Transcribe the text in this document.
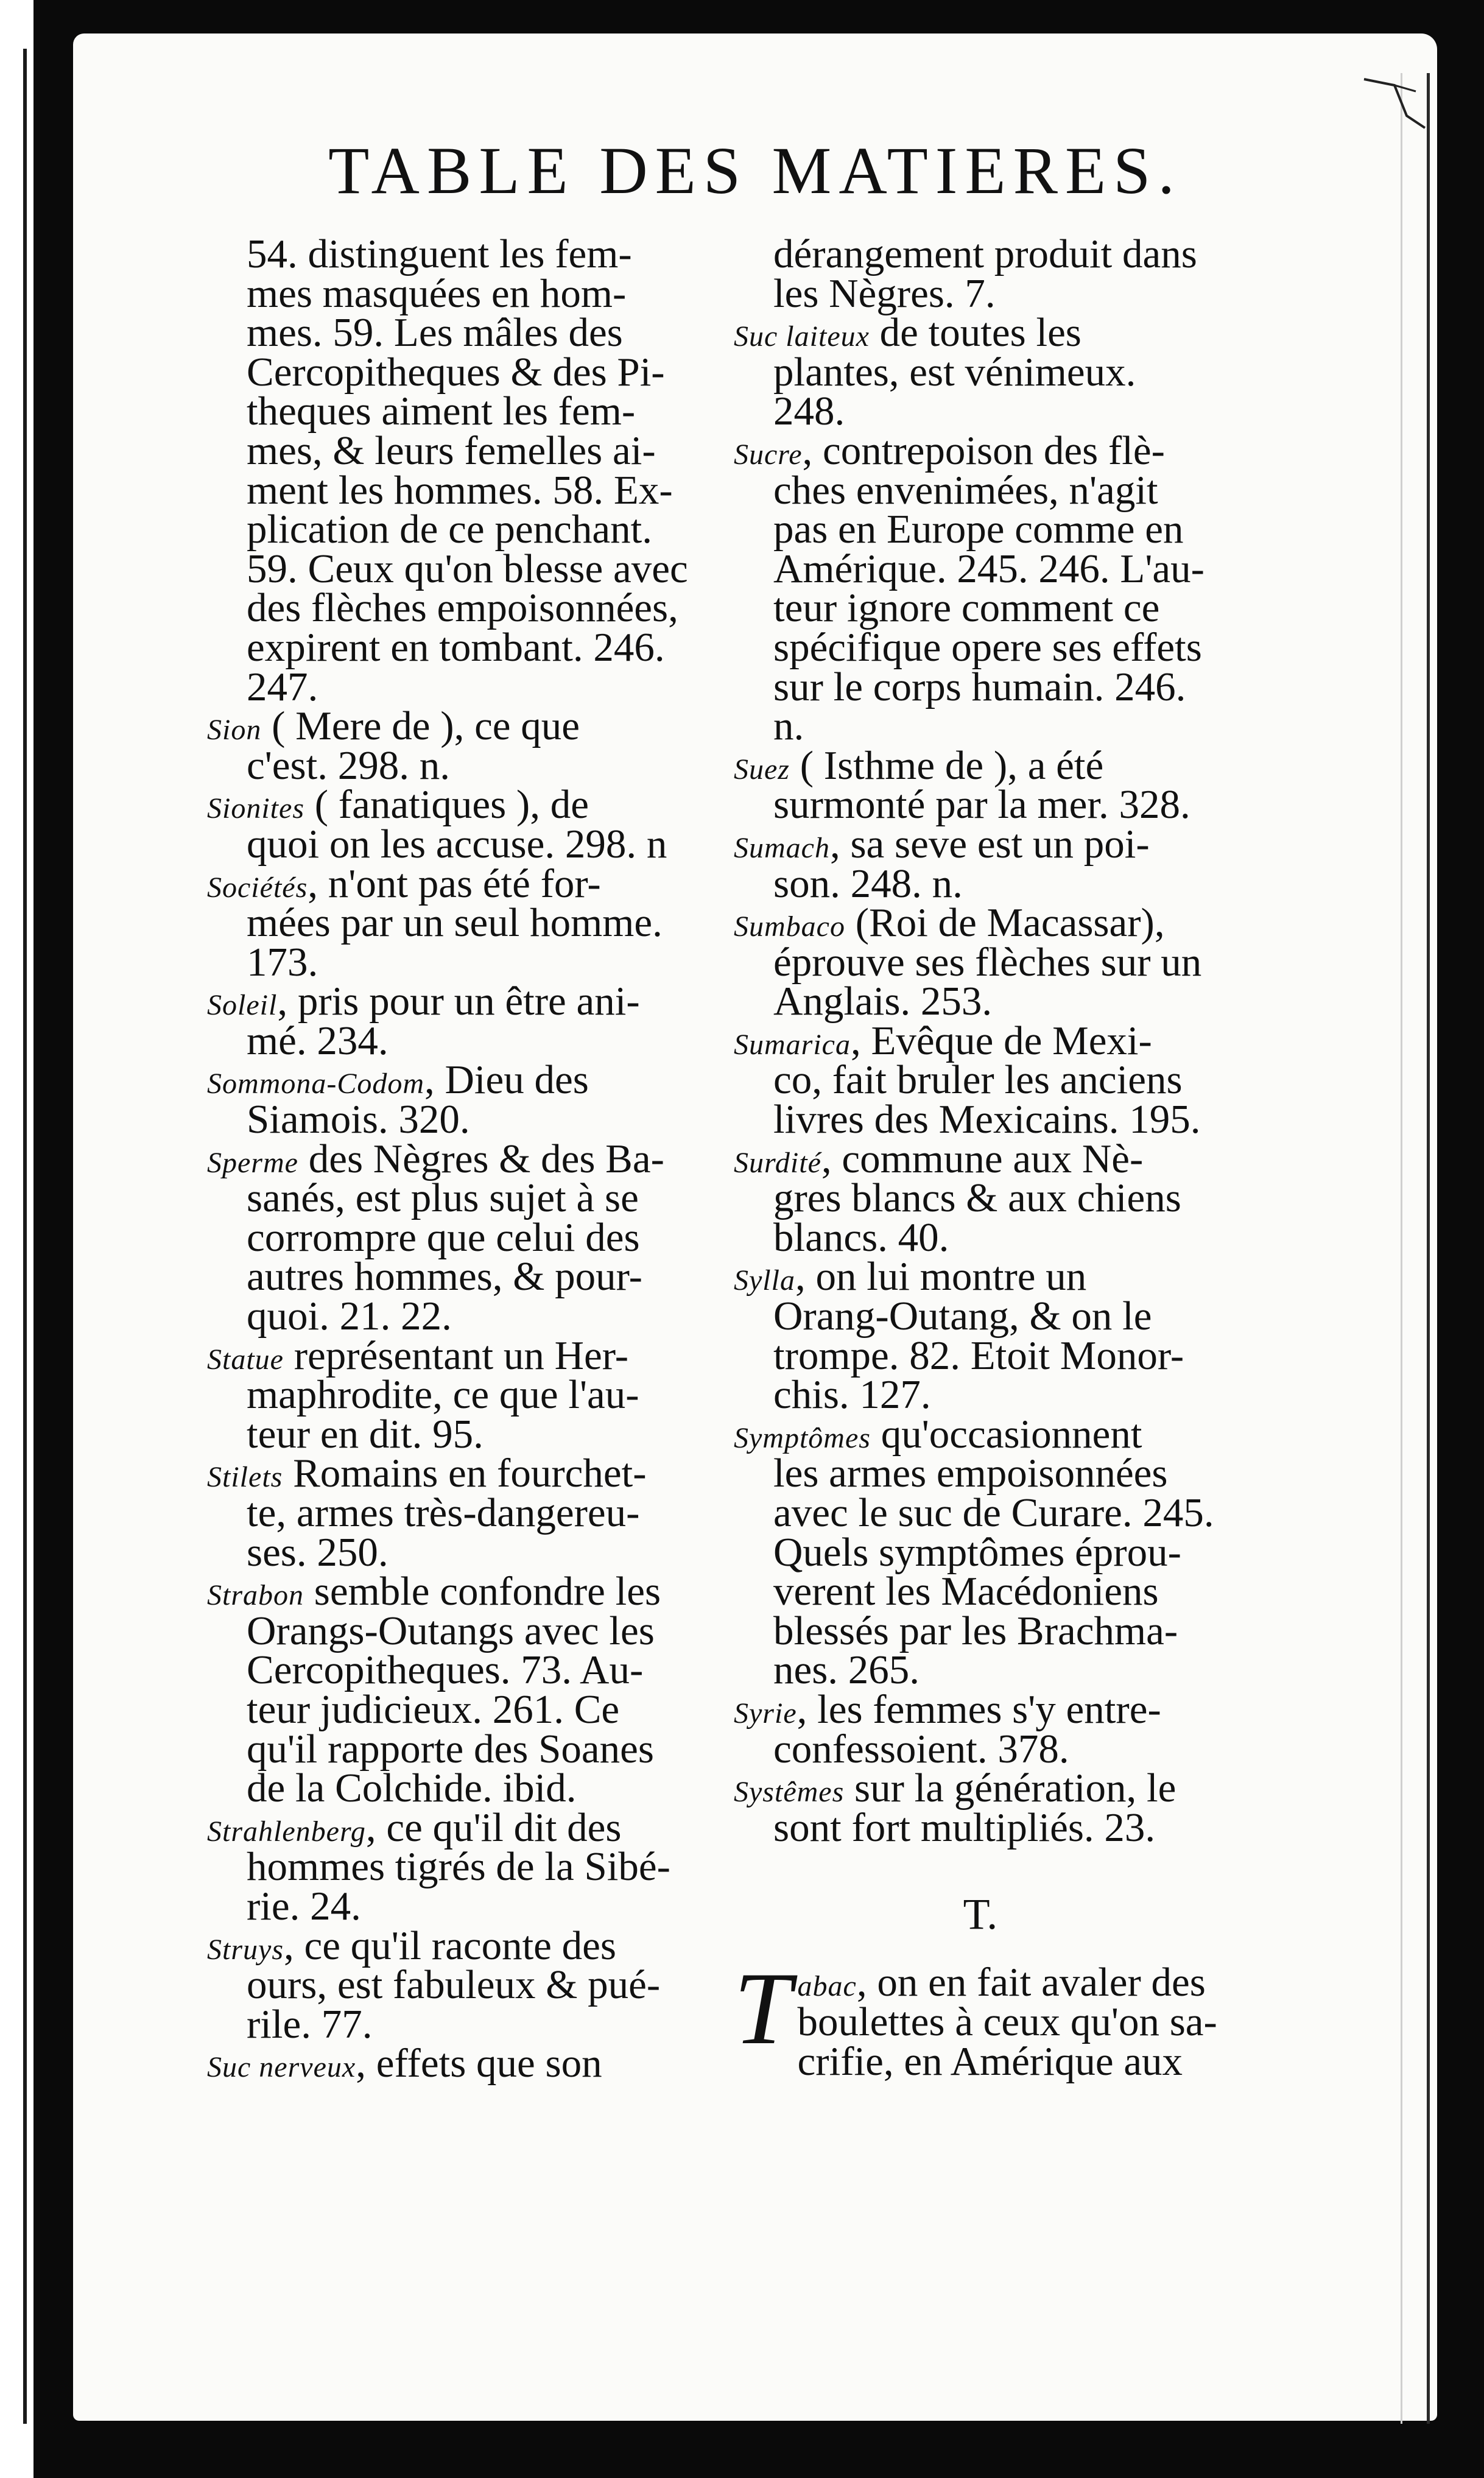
TABLE DES MATIERES.
54. distinguent les fem-
mes masquées en hom-
mes. 59. Les mâles des
Cercopitheques & des Pi-
theques aiment les fem-
mes, & leurs femelles ai-
ment les hommes. 58. Ex-
plication de ce penchant.
59. Ceux qu'on blesse avec
des flèches empoisonnées,
expirent en tombant. 246.
247.
Sion ( Mere de ), ce que
c'est. 298. n.
Sionites ( fanatiques ), de
quoi on les accuse. 298. n
Sociétés, n'ont pas été for-
mées par un seul homme.
173.
Soleil, pris pour un être ani-
mé. 234.
Sommona-Codom, Dieu des
Siamois. 320.
Sperme des Nègres & des Ba-
sanés, est plus sujet à se
corrompre que celui des
autres hommes, & pour-
quoi. 21. 22.
Statue représentant un Her-
maphrodite, ce que l'au-
teur en dit. 95.
Stilets Romains en fourchet-
te, armes très-dangereu-
ses. 250.
Strabon semble confondre les
Orangs-Outangs avec les
Cercopitheques. 73. Au-
teur judicieux. 261. Ce
qu'il rapporte des Soanes
de la Colchide. ibid.
Strahlenberg, ce qu'il dit des
hommes tigrés de la Sibé-
rie. 24.
Struys, ce qu'il raconte des
ours, est fabuleux & pué-
rile. 77.
Suc nerveux, effets que son
dérangement produit dans
les Nègres. 7.
Suc laiteux de toutes les
plantes, est vénimeux.
248.
Sucre, contrepoison des flè-
ches envenimées, n'agit
pas en Europe comme en
Amérique. 245. 246. L'au-
teur ignore comment ce
spécifique opere ses effets
sur le corps humain. 246.
n.
Suez ( Isthme de ), a été
surmonté par la mer. 328.
Sumach, sa seve est un poi-
son. 248. n.
Sumbaco (Roi de Macassar),
éprouve ses flèches sur un
Anglais. 253.
Sumarica, Evêque de Mexi-
co, fait bruler les anciens
livres des Mexicains. 195.
Surdité, commune aux Nè-
gres blancs & aux chiens
blancs. 40.
Sylla, on lui montre un
Orang-Outang, & on le
trompe. 82. Etoit Monor-
chis. 127.
Symptômes qu'occasionnent
les armes empoisonnées
avec le suc de Curare. 245.
Quels symptômes éprou-
verent les Macédoniens
blessés par les Brachma-
nes. 265.
Syrie, les femmes s'y entre-
confessoient. 378.
Systêmes sur la génération, le
sont fort multipliés. 23.
T.
T abac, on en fait avaler des
boulettes à ceux qu'on sa-
crifie, en Amérique aux
